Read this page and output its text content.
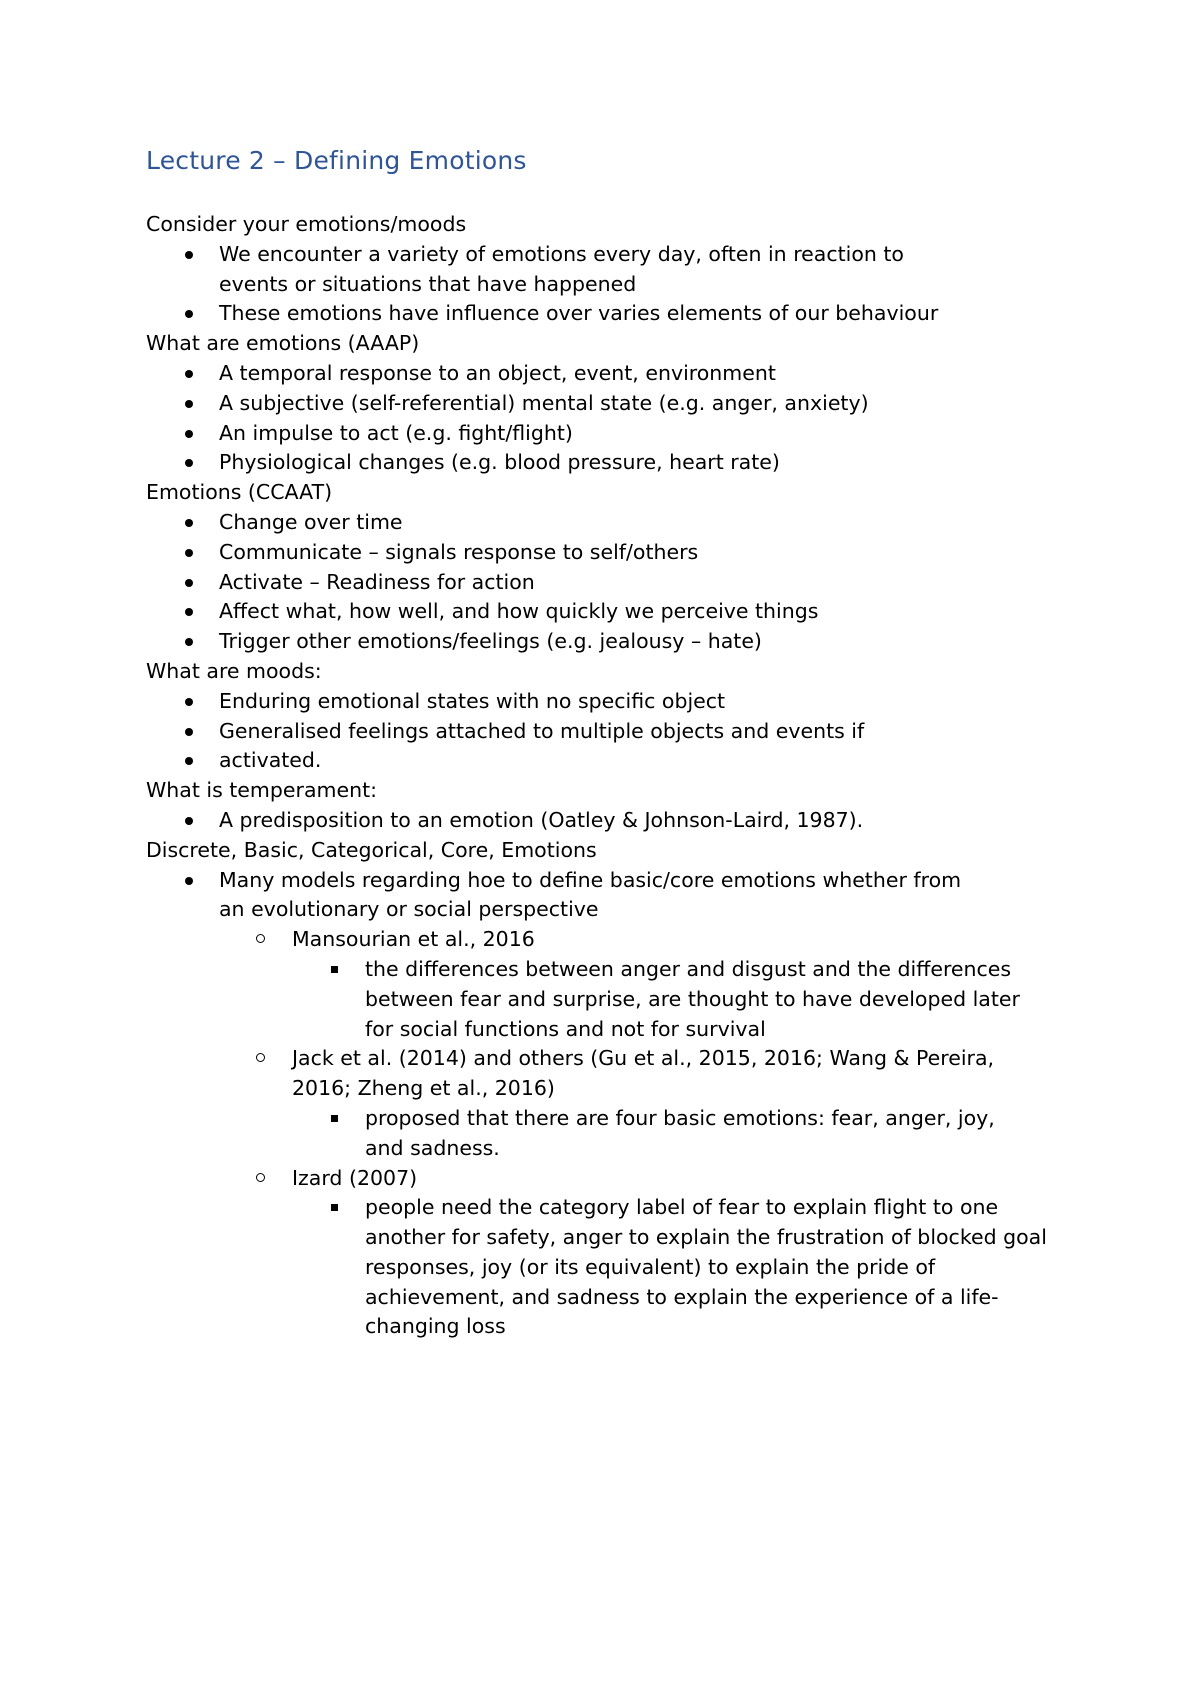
Lecture 2 – Defining Emotions
Consider your emotions/moods
We encounter a variety of emotions every day, often in reaction to events or situations that have happened
These emotions have influence over varies elements of our behaviour
What are emotions (AAAP)
A temporal response to an object, event, environment
A subjective (self-referential) mental state (e.g. anger, anxiety)
An impulse to act (e.g. fight/flight)
Physiological changes (e.g. blood pressure, heart rate)
Emotions (CCAAT)
Change over time
Communicate – signals response to self/others
Activate – Readiness for action
Affect what, how well, and how quickly we perceive things
Trigger other emotions/feelings (e.g. jealousy – hate)
What are moods:
Enduring emotional states with no specific object
Generalised feelings attached to multiple objects and events if
activated.
What is temperament:
A predisposition to an emotion (Oatley & Johnson-Laird, 1987).
Discrete, Basic, Categorical, Core, Emotions
Many models regarding hoe to define basic/core emotions whether from an evolutionary or social perspective
Mansourian et al., 2016
the differences between anger and disgust and the differences between fear and surprise, are thought to have developed later for social functions and not for survival
Jack et al. (2014) and others (Gu et al., 2015, 2016; Wang & Pereira, 2016; Zheng et al., 2016)
proposed that there are four basic emotions: fear, anger, joy, and sadness.
Izard (2007)
people need the category label of fear to explain flight to one another for safety, anger to explain the frustration of blocked goal responses, joy (or its equivalent) to explain the pride of achievement, and sadness to explain the experience of a life-changing loss
